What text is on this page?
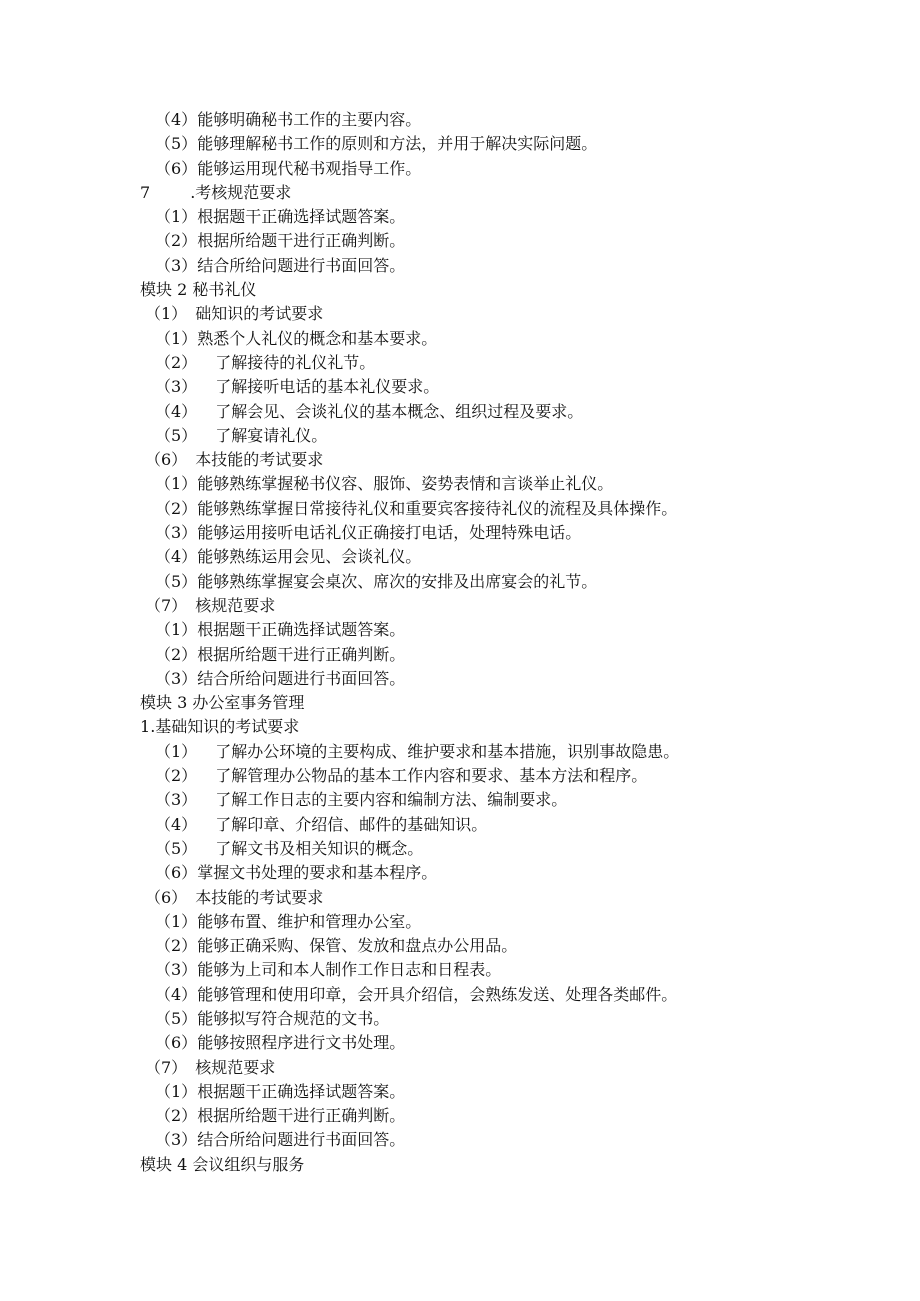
（4）能够明确秘书工作的主要内容。
（5）能够理解秘书工作的原则和方法，并用于解决实际问题。
（6）能够运用现代秘书观指导工作。
7	.考核规范要求
（1）根据题干正确选择试题答案。
（2）根据所给题干进行正确判断。
（3）结合所给问题进行书面回答。
模块 2 秘书礼仪
（1） 础知识的考试要求
（1）熟悉个人礼仪的概念和基本要求。
（2） 了解接待的礼仪礼节。
（3） 了解接听电话的基本礼仪要求。
（4） 了解会见、会谈礼仪的基本概念、组织过程及要求。
（5） 了解宴请礼仪。
（6） 本技能的考试要求
（1）能够熟练掌握秘书仪容、服饰、姿势表情和言谈举止礼仪。
（2）能够熟练掌握日常接待礼仪和重要宾客接待礼仪的流程及具体操作。
（3）能够运用接听电话礼仪正确接打电话，处理特殊电话。
（4）能够熟练运用会见、会谈礼仪。
（5）能够熟练掌握宴会桌次、席次的安排及出席宴会的礼节。
（7） 核规范要求
（1）根据题干正确选择试题答案。
（2）根据所给题干进行正确判断。
（3）结合所给问题进行书面回答。
模块 3 办公室事务管理
1.基础知识的考试要求
（1） 了解办公环境的主要构成、维护要求和基本措施，识别事故隐患。
（2） 了解管理办公物品的基本工作内容和要求、基本方法和程序。
（3） 了解工作日志的主要内容和编制方法、编制要求。
（4） 了解印章、介绍信、邮件的基础知识。
（5） 了解文书及相关知识的概念。
（6）掌握文书处理的要求和基本程序。
（6） 本技能的考试要求
（1）能够布置、维护和管理办公室。
（2）能够正确采购、保管、发放和盘点办公用品。
（3）能够为上司和本人制作工作日志和日程表。
（4）能够管理和使用印章，会开具介绍信，会熟练发送、处理各类邮件。
（5）能够拟写符合规范的文书。
（6）能够按照程序进行文书处理。
（7） 核规范要求
（1）根据题干正确选择试题答案。
（2）根据所给题干进行正确判断。
（3）结合所给问题进行书面回答。
模块 4 会议组织与服务
